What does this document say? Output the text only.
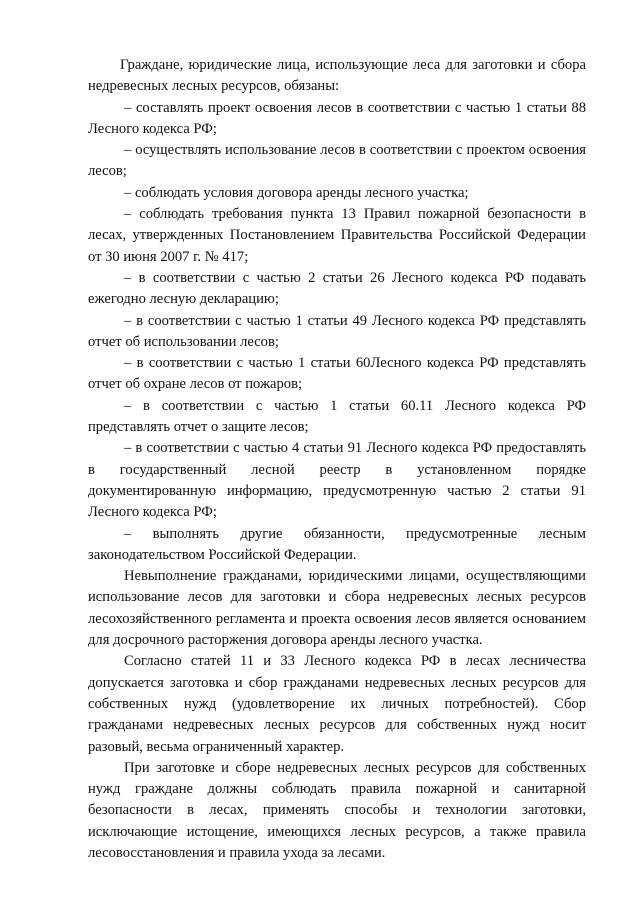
Граждане, юридические лица, использующие леса для заготовки и сбора недревесных лесных ресурсов, обязаны:

– составлять проект освоения лесов в соответствии с частью 1 статьи 88 Лесного кодекса РФ;

– осуществлять использование лесов в соответствии с проектом освоения лесов;

– соблюдать условия договора аренды лесного участка;

– соблюдать требования пункта 13 Правил пожарной безопасности в лесах, утвержденных Постановлением Правительства Российской Федерации от 30 июня 2007 г. № 417;

– в соответствии с частью 2 статьи 26 Лесного кодекса РФ подавать ежегодно лесную декларацию;

– в соответствии с частью 1 статьи 49 Лесного кодекса РФ представлять отчет об использовании лесов;

– в соответствии с частью 1 статьи 60Лесного кодекса РФ представлять отчет об охране лесов от пожаров;

– в соответствии с частью 1 статьи 60.11 Лесного кодекса РФ представлять отчет о защите лесов;

– в соответствии с частью 4 статьи 91 Лесного кодекса РФ предоставлять в государственный лесной реестр в установленном порядке документированную информацию, предусмотренную частью 2 статьи 91 Лесного кодекса РФ;

– выполнять другие обязанности, предусмотренные лесным законодательством Российской Федерации.

Невыполнение гражданами, юридическими лицами, осуществляющими использование лесов для заготовки и сбора недревесных лесных ресурсов лесохозяйственного регламента и проекта освоения лесов является основанием для досрочного расторжения договора аренды лесного участка.

Согласно статей 11 и 33 Лесного кодекса РФ в лесах лесничества допускается заготовка и сбор гражданами недревесных лесных ресурсов для собственных нужд (удовлетворение их личных потребностей). Сбор гражданами недревесных лесных ресурсов для собственных нужд носит разовый, весьма ограниченный характер.

При заготовке и сборе недревесных лесных ресурсов для собственных нужд граждане должны соблюдать правила пожарной и санитарной безопасности в лесах, применять способы и технологии заготовки, исключающие истощение, имеющихся лесных ресурсов, а также правила лесовосстановления и правила ухода за лесами.
